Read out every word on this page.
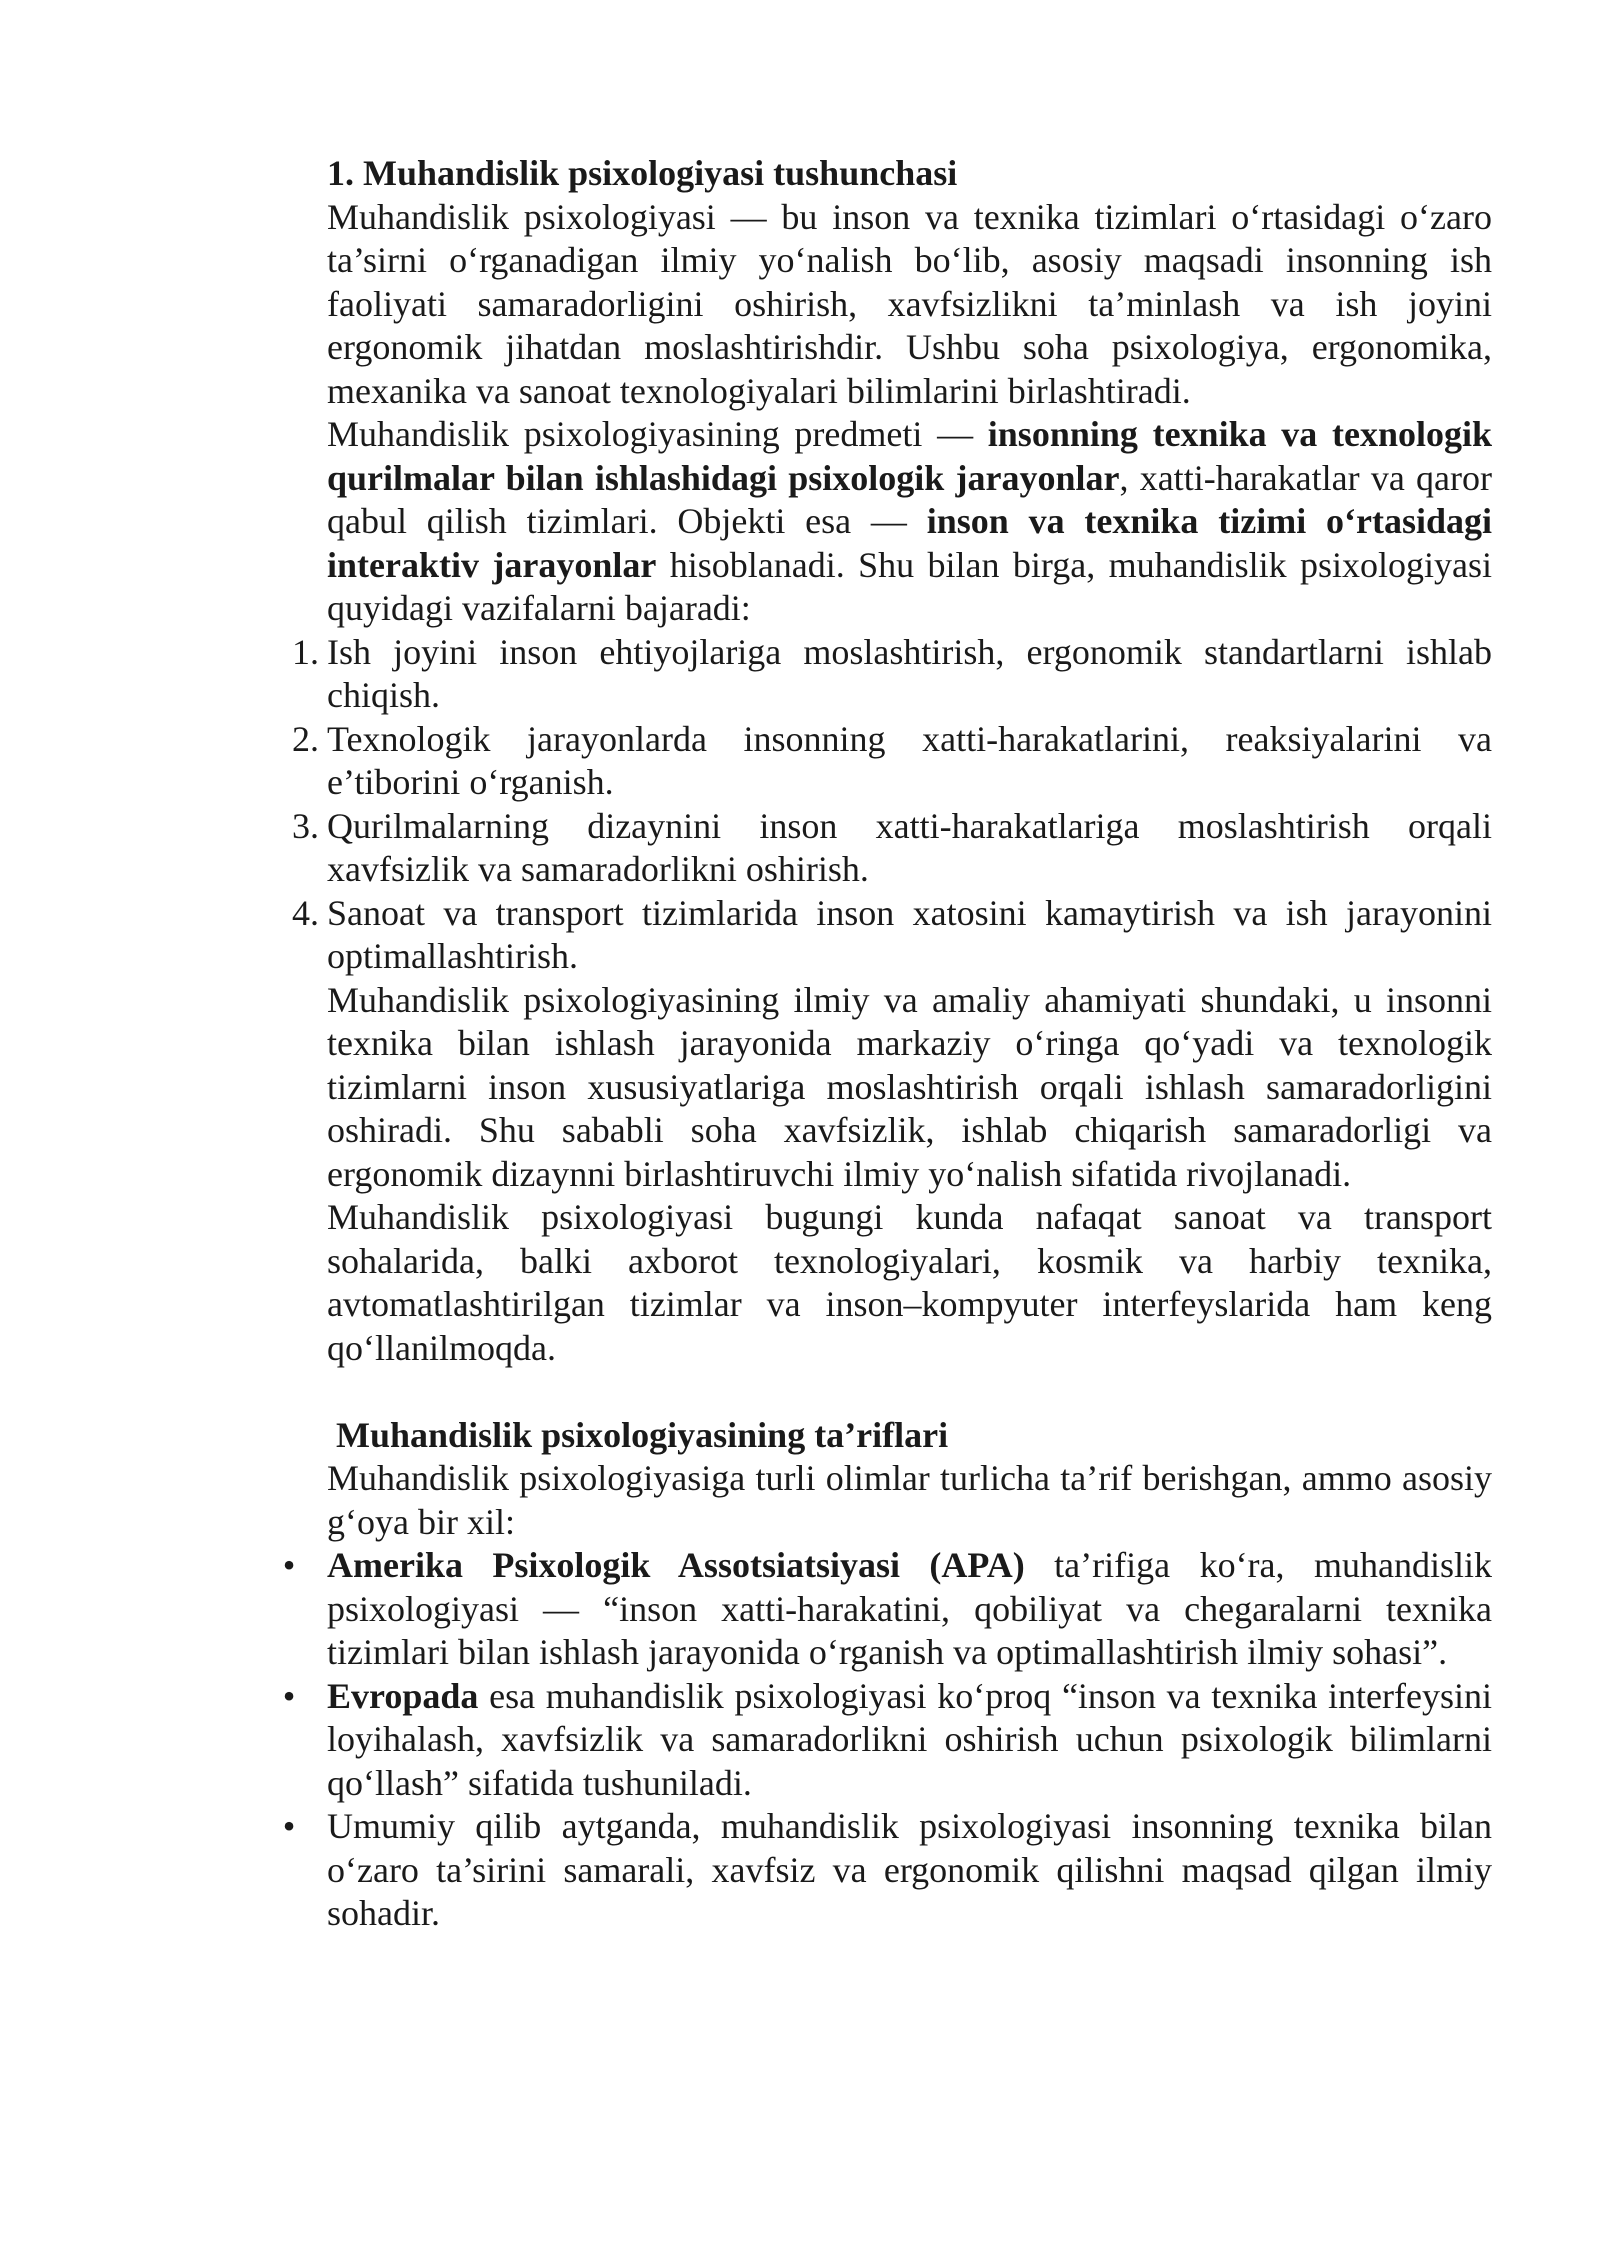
1. Muhandislik psixologiyasi tushunchasi

Muhandislik psixologiyasi — bu inson va texnika tizimlari o‘rtasidagi o‘zaro ta’sirni o‘rganadigan ilmiy yo‘nalish bo‘lib, asosiy maqsadi insonning ish faoliyati samaradorligini oshirish, xavfsizlikni ta’minlash va ish joyini ergonomik jihatdan moslashtirishdir. Ushbu soha psixologiya, ergonomika, mexanika va sanoat texnologiyalari bilimlarini birlashtiradi.

Muhandislik psixologiyasining predmeti — insonning texnika va texnologik qurilmalar bilan ishlashidagi psixologik jarayonlar, xatti-harakatlar va qaror qabul qilish tizimlari. Objekti esa — inson va texnika tizimi o‘rtasidagi interaktiv jarayonlar hisoblanadi. Shu bilan birga, muhandislik psixologiyasi quyidagi vazifalarni bajaradi:

1. Ish joyini inson ehtiyojlariga moslashtirish, ergonomik standartlarni ishlab chiqish.
2. Texnologik jarayonlarda insonning xatti-harakatlarini, reaksiyalarini va e’tiborini o‘rganish.
3. Qurilmalarning dizaynini inson xatti-harakatlariga moslashtirish orqali xavfsizlik va samaradorlikni oshirish.
4. Sanoat va transport tizimlarida inson xatosini kamaytirish va ish jarayonini optimallashtirish.

Muhandislik psixologiyasining ilmiy va amaliy ahamiyati shundaki, u insonni texnika bilan ishlash jarayonida markaziy o‘ringa qo‘yadi va texnologik tizimlarni inson xususiyatlariga moslashtirish orqali ishlash samaradorligini oshiradi. Shu sababli soha xavfsizlik, ishlab chiqarish samaradorligi va ergonomik dizaynni birlashtiruvchi ilmiy yo‘nalish sifatida rivojlanadi.

Muhandislik psixologiyasi bugungi kunda nafaqat sanoat va transport sohalarida, balki axborot texnologiyalari, kosmik va harbiy texnika, avtomatlashtirilgan tizimlar va inson–kompyuter interfeyslarida ham keng qo‘llanilmoqda.

Muhandislik psixologiyasining ta’riflari

Muhandislik psixologiyasiga turli olimlar turlicha ta’rif berishgan, ammo asosiy g‘oya bir xil:

• Amerika Psixologik Assotsiatsiyasi (APA) ta’rifiga ko‘ra, muhandislik psixologiyasi — “inson xatti-harakatini, qobiliyat va chegaralarni texnika tizimlari bilan ishlash jarayonida o‘rganish va optimallashtirish ilmiy sohasi”.
• Evropada esa muhandislik psixologiyasi ko‘proq “inson va texnika interfeysini loyihalash, xavfsizlik va samaradorlikni oshirish uchun psixologik bilimlarni qo‘llash” sifatida tushuniladi.
• Umumiy qilib aytganda, muhandislik psixologiyasi insonning texnika bilan o‘zaro ta’sirini samarali, xavfsiz va ergonomik qilishni maqsad qilgan ilmiy sohadir.
